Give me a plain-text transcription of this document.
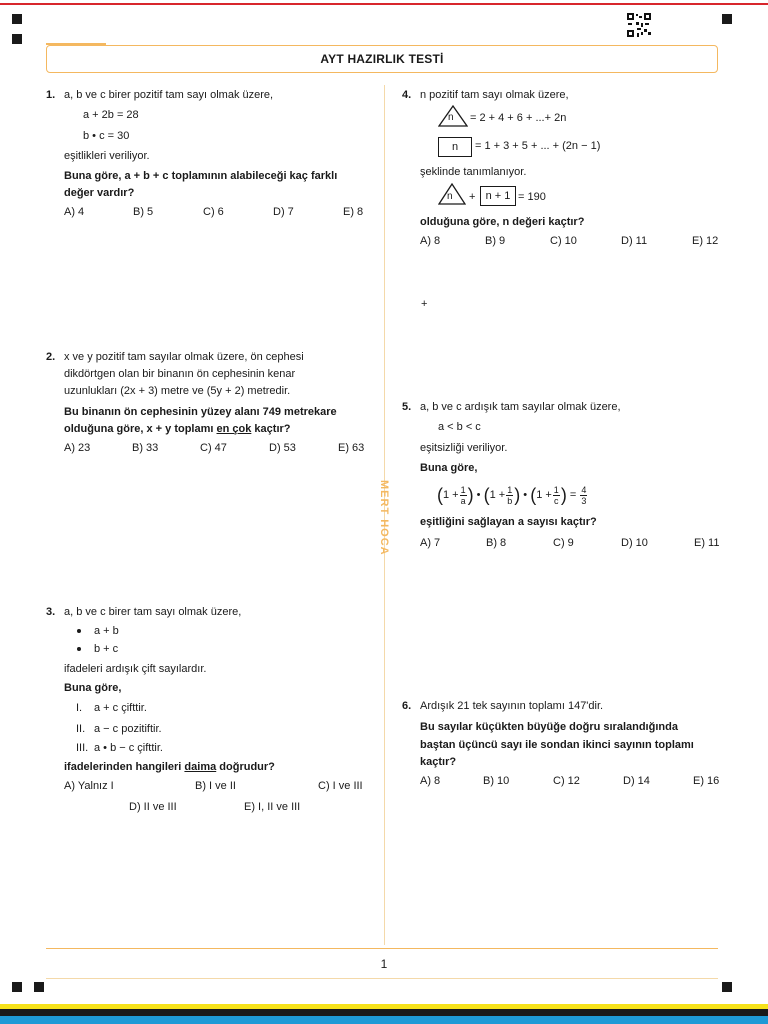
AYT HAZIRLIK TESTİ
MERT HOCA
1. a, b ve c birer pozitif tam sayı olmak üzere,
a + 2b = 28
b • c = 30
eşitlikleri veriliyor.
Buna göre, a + b + c toplamının alabileceği kaç farklı
değer vardır?
A) 4	B) 5	C) 6	D) 7	E) 8
2. x ve y pozitif tam sayılar olmak üzere, ön cephesi
dikdörtgen olan bir binanın ön cephesinin kenar
uzunlukları (2x + 3) metre ve (5y + 2) metredir.
Bu binanın ön cephesinin yüzey alanı 749 metrekare
olduğuna göre, x + y toplamı en çok kaçtır?
A) 23	B) 33	C) 47	D) 53	E) 63
3. a, b ve c birer tam sayı olmak üzere,
a + b
b + c
ifadeleri ardışık çift sayılardır.
Buna göre,
I. a + c çifttir.
II. a − c pozitiftir.
III. a • b − c çifttir.
ifadelerinden hangileri daima doğrudur?
A) Yalnız I	B) I ve II	C) I ve III
D) II ve III	E) I, II ve III
4. n pozitif tam sayı olmak üzere,
n = 2 + 4 + 6 + ...+ 2n
n = 1 + 3 + 5 + ... + (2n − 1)
şeklinde tanımlanıyor.
n + n + 1 = 190
olduğuna göre, n değeri kaçtır?
A) 8	B) 9	C) 10	D) 11	E) 12
+
5. a, b ve c ardışık tam sayılar olmak üzere,
a < b < c
eşitsizliği veriliyor.
Buna göre,
( $1 + \frac{1}{a}$ ) • ( $1 + \frac{1}{b}$ ) • ( $1 + \frac{1}{c}$ ) = $\frac{4}{3}$
eşitliğini sağlayan a sayısı kaçtır?
A) 7	B) 8	C) 9	D) 10	E) 11
6. Ardışık 21 tek sayının toplamı 147'dir.
Bu sayılar küçükten büyüğe doğru sıralandığında
baştan üçüncü sayı ile sondan ikinci sayının toplamı
kaçtır?
A) 8	B) 10	C) 12	D) 14	E) 16
1
